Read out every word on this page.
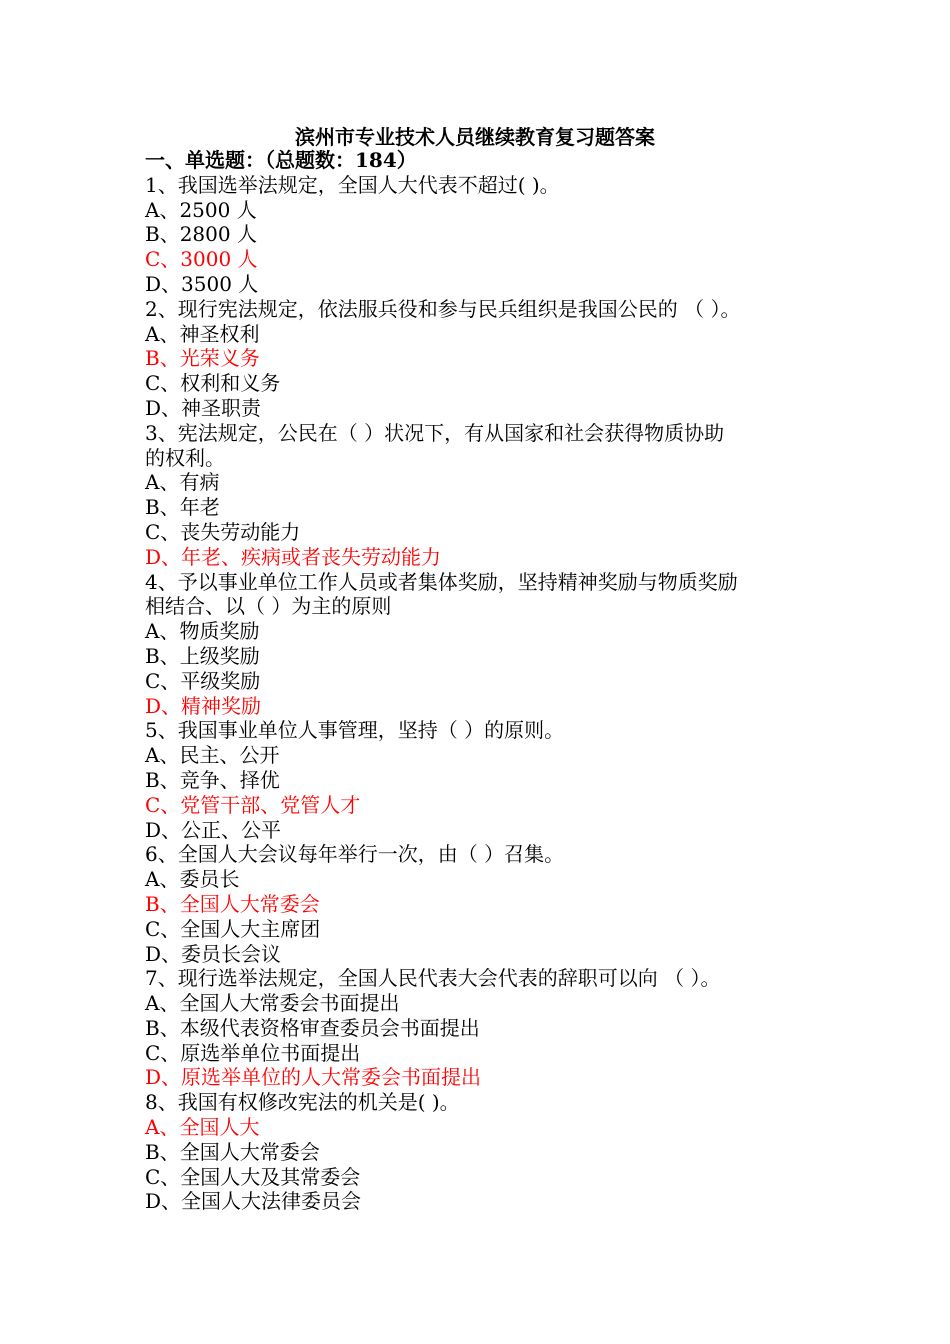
滨州市专业技术人员继续教育复习题答案
一、单选题：（总题数：184）
1、我国选举法规定，全国人大代表不超过( )。
A、2500 人
B、2800 人
C、3000 人
D、3500 人
2、现行宪法规定，依法服兵役和参与民兵组织是我国公民的 （ ）。
A、神圣权利
B、光荣义务
C、权利和义务
D、神圣职责
3、宪法规定，公民在（ ）状况下，有从国家和社会获得物质协助
的权利。
A、有病
B、年老
C、丧失劳动能力
D、年老、疾病或者丧失劳动能力
4、予以事业单位工作人员或者集体奖励，坚持精神奖励与物质奖励
相结合、以（ ）为主的原则
A、物质奖励
B、上级奖励
C、平级奖励
D、精神奖励
5、我国事业单位人事管理，坚持（ ）的原则。
A、民主、公开
B、竞争、择优
C、党管干部、党管人才
D、公正、公平
6、全国人大会议每年举行一次，由（ ）召集。
A、委员长
B、全国人大常委会
C、全国人大主席团
D、委员长会议
7、现行选举法规定，全国人民代表大会代表的辞职可以向 （ ）。
A、全国人大常委会书面提出
B、本级代表资格审查委员会书面提出
C、原选举单位书面提出
D、原选举单位的人大常委会书面提出
8、我国有权修改宪法的机关是( )。
A、全国人大
B、全国人大常委会
C、全国人大及其常委会
D、全国人大法律委员会
